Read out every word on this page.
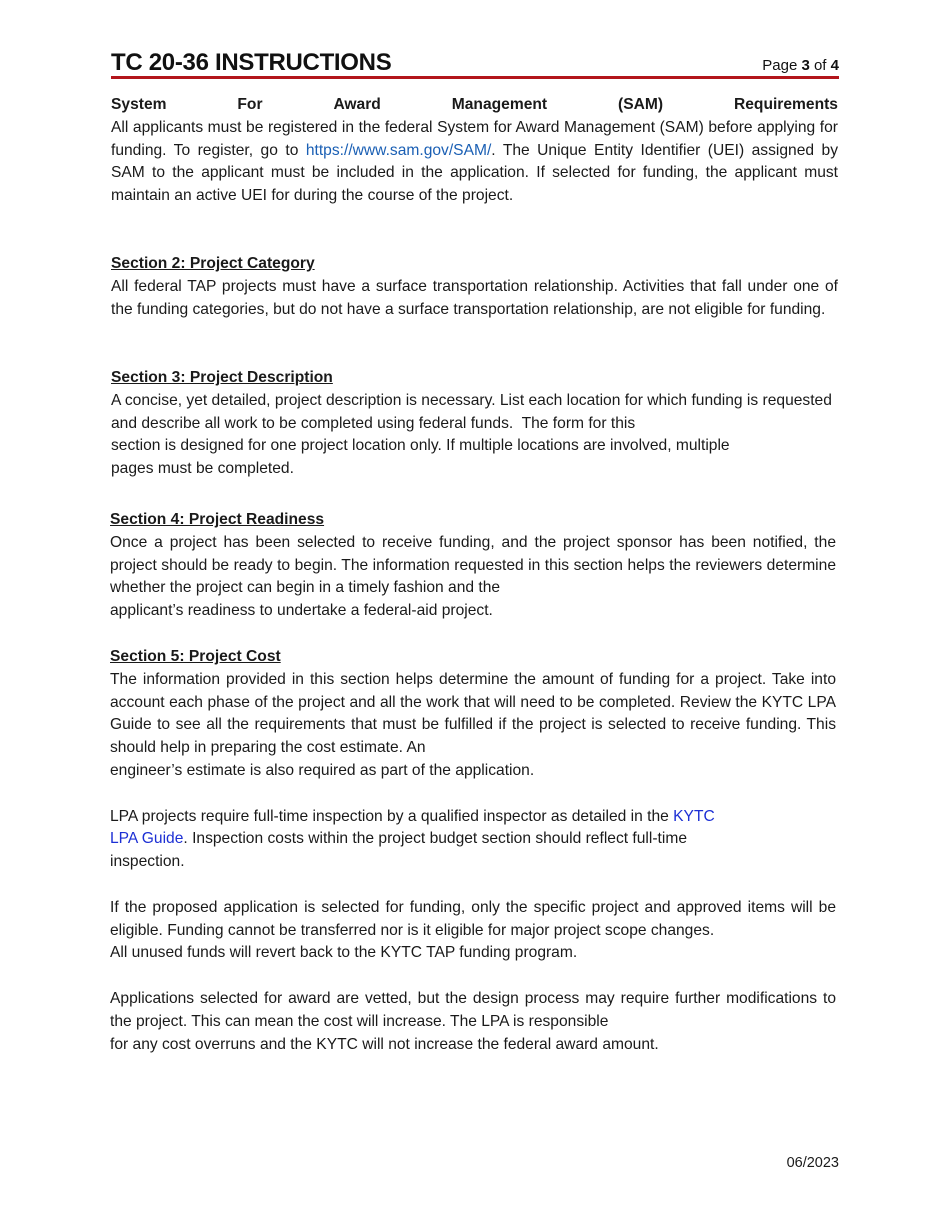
TC 20-36 INSTRUCTIONS	Page 3 of 4
System	For	Award	Management	(SAM)	Requirements

All applicants must be registered in the federal System for Award Management (SAM) before applying for funding. To register, go to https://www.sam.gov/SAM/. The Unique Entity Identifier (UEI) assigned by SAM to the applicant must be included in the application. If selected for funding, the applicant must maintain an active UEI for during the course of the project.

Section 2: Project Category

All federal TAP projects must have a surface transportation relationship. Activities that fall under one of the funding categories, but do not have a surface transportation relationship, are not eligible for funding.

Section 3: Project Description

A concise, yet detailed, project description is necessary. List each location for which funding is requested and describe all work to be completed using federal funds. The form for this
section is designed for one project location only. If multiple locations are involved, multiple
pages must be completed.

Section 4: Project Readiness

Once a project has been selected to receive funding, and the project sponsor has been notified, the project should be ready to begin. The information requested in this section helps the reviewers determine whether the project can begin in a timely fashion and the

applicant’s readiness to undertake a federal-aid project.

Section 5: Project Cost

The information provided in this section helps determine the amount of funding for a project. Take into account each phase of the project and all the work that will need to be completed. Review the KYTC LPA Guide to see all the requirements that must be fulfilled if the project is selected to receive funding. This should help in preparing the cost estimate. An

engineer’s estimate is also required as part of the application.

LPA projects require full-time inspection by a qualified inspector as detailed in the KYTC

LPA Guide. Inspection costs within the project budget section should reflect full-time

inspection.

If the proposed application is selected for funding, only the specific project and approved items will be eligible. Funding cannot be transferred nor is it eligible for major project scope changes.

All unused funds will revert back to the KYTC TAP funding program.

Applications selected for award are vetted, but the design process may require further modifications to the project. This can mean the cost will increase. The LPA is responsible

for any cost overruns and the KYTC will not increase the federal award amount.

06/2023
